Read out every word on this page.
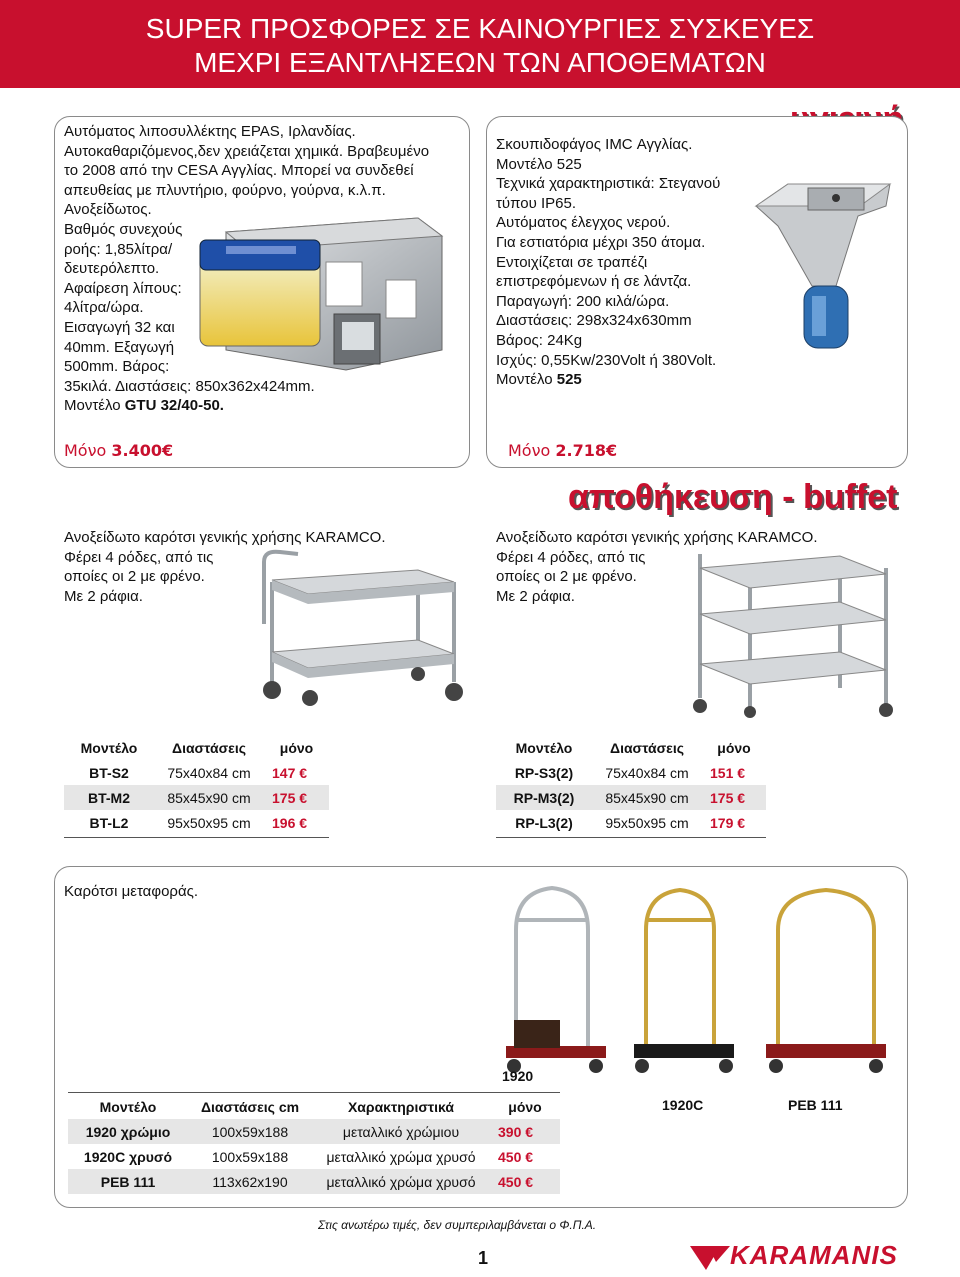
SUPER ΠΡΟΣΦΟΡΕΣ ΣΕ ΚΑΙΝΟΥΡΓΙΕΣ ΣΥΣΚΕΥΕΣ
ΜΕΧΡΙ ΕΞΑΝΤΛΗΣΕΩΝ ΤΩΝ ΑΠΟΘΕΜΑΤΩΝ
Αυτόματος λιποσυλλέκτης EPAS, Ιρλανδίας.
Αυτοκαθαριζόμενος,δεν χρειάζεται χημικά. Βραβευμένο
το 2008 από την CESA Αγγλίας. Μπορεί να συνδεθεί
απευθείας με πλυντήριο, φούρνο, γούρνα, κ.λ.π.
Ανοξείδωτος.
Βαθμός συνεχούς
ροής: 1,85λίτρα/
δευτερόλεπτο.
Αφαίρεση λίπους:
4λίτρα/ώρα.
Εισαγωγή 32 και
40mm. Εξαγωγή
500mm. Βάρος:
35κιλά. Διαστάσεις: 850x362x424mm.
Μοντέλο GTU 32/40-50.
Μόνο 3.400€
Σκουπιδοφάγος IMC Αγγλίας.
Μοντέλο 525
Τεχνικά χαρακτηριστικά: Στεγανού
τύπου IP65.
Αυτόματος έλεγχος νερού.
Για εστιατόρια μέχρι 350 άτομα.
Εντοιχίζεται σε τραπέζι
επιστρεφόμενων ή σε λάντζα.
Παραγωγή: 200 κιλά/ώρα.
Διαστάσεις: 298x324x630mm
Βάρος: 24Kg
Ισχύς: 0,55Kw/230Volt ή 380Volt.
Μοντέλο 525
Μόνο 2.718€
αποθήκευση - buffet
Ανοξείδωτο καρότσι γενικής χρήσης KARAMCO.
Φέρει 4 ρόδες, από τις
οποίες οι 2 με φρένο.
Με 2 ράφια.
Ανοξείδωτο καρότσι γενικής χρήσης KARAMCO.
Φέρει 4 ρόδες, από τις
οποίες οι 2 με φρένο.
Με 2 ράφια.
Μοντέλο	Διαστάσεις	μόνο
BT-S2	75x40x84 cm	147 €
BT-M2	85x45x90 cm	175 €
BT-L2	95x50x95 cm	196 €
Μοντέλο	Διαστάσεις	μόνο
RP-S3(2)	75x40x84 cm	151 €
RP-M3(2)	85x45x90 cm	175 €
RP-L3(2)	95x50x95 cm	179 €
Καρότσι μεταφοράς.
1920
1920C	PEB 111
Μοντέλο	Διαστάσεις cm	Χαρακτηριστικά	μόνο
1920 χρώμιο	100x59x188	μεταλλικό χρώμιου	390 €
1920C χρυσό	100x59x188	μεταλλικό χρώμα χρυσό	450 €
PEB 111	113x62x190	μεταλλικό χρώμα χρυσό	450 €
Στις ανωτέρω τιμές, δεν συμπεριλαμβάνεται ο Φ.Π.Α.
1	KARAMANIS
